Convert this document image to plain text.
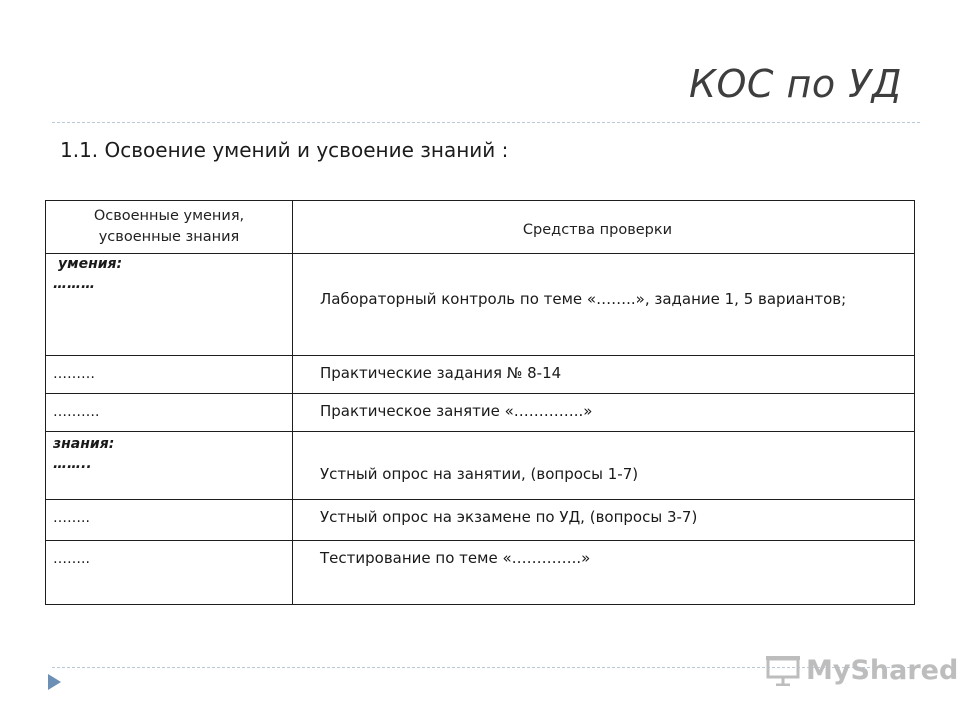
КОС по УД
1.1. Освоение умений и усвоение знаний :
Освоенные умения,
усвоенные знания	Средства проверки

умения:
………	Лабораторный контроль по теме «……..», задание 1, 5 вариантов;

………	Практические задания № 8-14

……….	Практическое занятие «…………..»

знания:
……..	Устный опрос на занятии, (вопросы 1-7)

……..	Устный опрос на экзамене по УД, (вопросы 3-7)

……..	Тестирование по теме «…………..»
MyShared
